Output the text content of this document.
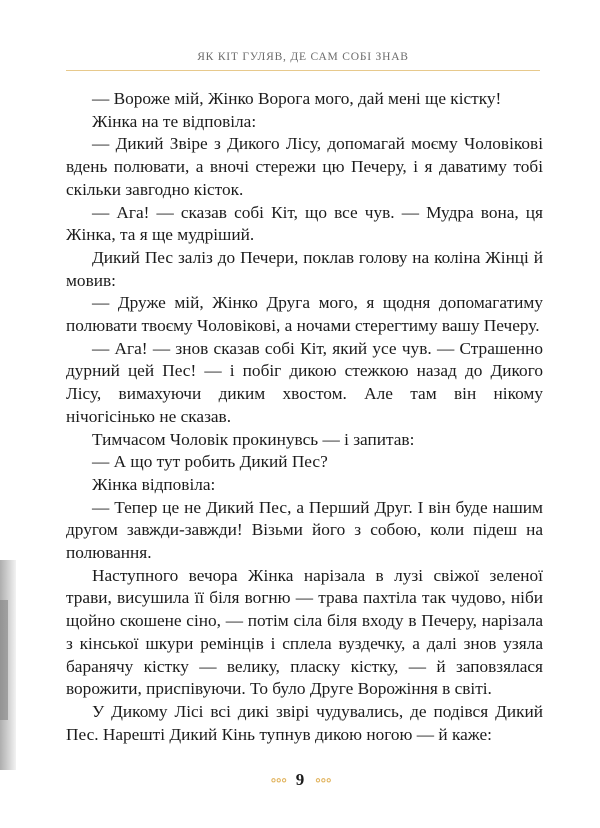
ЯК КІТ ГУЛЯВ, ДЕ САМ СОБІ ЗНАВ

— Вороже мій, Жінко Ворога мого, дай мені ще кістку!

Жінка на те відповіла:

— Дикий Звіре з Дикого Лісу, допомагай моєму Чоловікові вдень полювати, а вночі стережи цю Печеру, і я даватиму тобі скільки завгодно кісток.

— Ага! — сказав собі Кіт, що все чув. — Мудра вона, ця Жінка, та я ще мудріший.

Дикий Пес заліз до Печери, поклав голову на коліна Жінці й мовив:

— Друже мій, Жінко Друга мого, я щодня допомагатиму полювати твоєму Чоловікові, а ночами стерегтиму вашу Печеру.

— Ага! — знов сказав собі Кіт, який усе чув. — Страшенно дурний цей Пес! — і побіг дикою стежкою назад до Дикого Лісу, вимахуючи диким хвостом. Але там він нікому нічогісінько не сказав.

Тимчасом Чоловік прокинувсь — і запитав:

— А що тут робить Дикий Пес?

Жінка відповіла:

— Тепер це не Дикий Пес, а Перший Друг. І він буде нашим другом завжди-завжди! Візьми його з собою, коли підеш на полювання.

Наступного вечора Жінка нарізала в лузі свіжої зеленої трави, висушила її біля вогню — трава пахтіла так чудово, ніби щойно скошене сіно, — потім сіла біля входу в Печеру, нарізала з кінської шкури ремінців і сплела вуздечку, а далі знов узяла баранячу кістку — велику, пласку кістку, — й заповзялася ворожити, приспівуючи. То було Друге Ворожіння в світі.

У Дикому Лісі всі дикі звірі чудувались, де подівся Дикий Пес. Нарешті Дикий Кінь тупнув дикою ногою — й каже:

∘∘∘ 9 ∘∘∘
